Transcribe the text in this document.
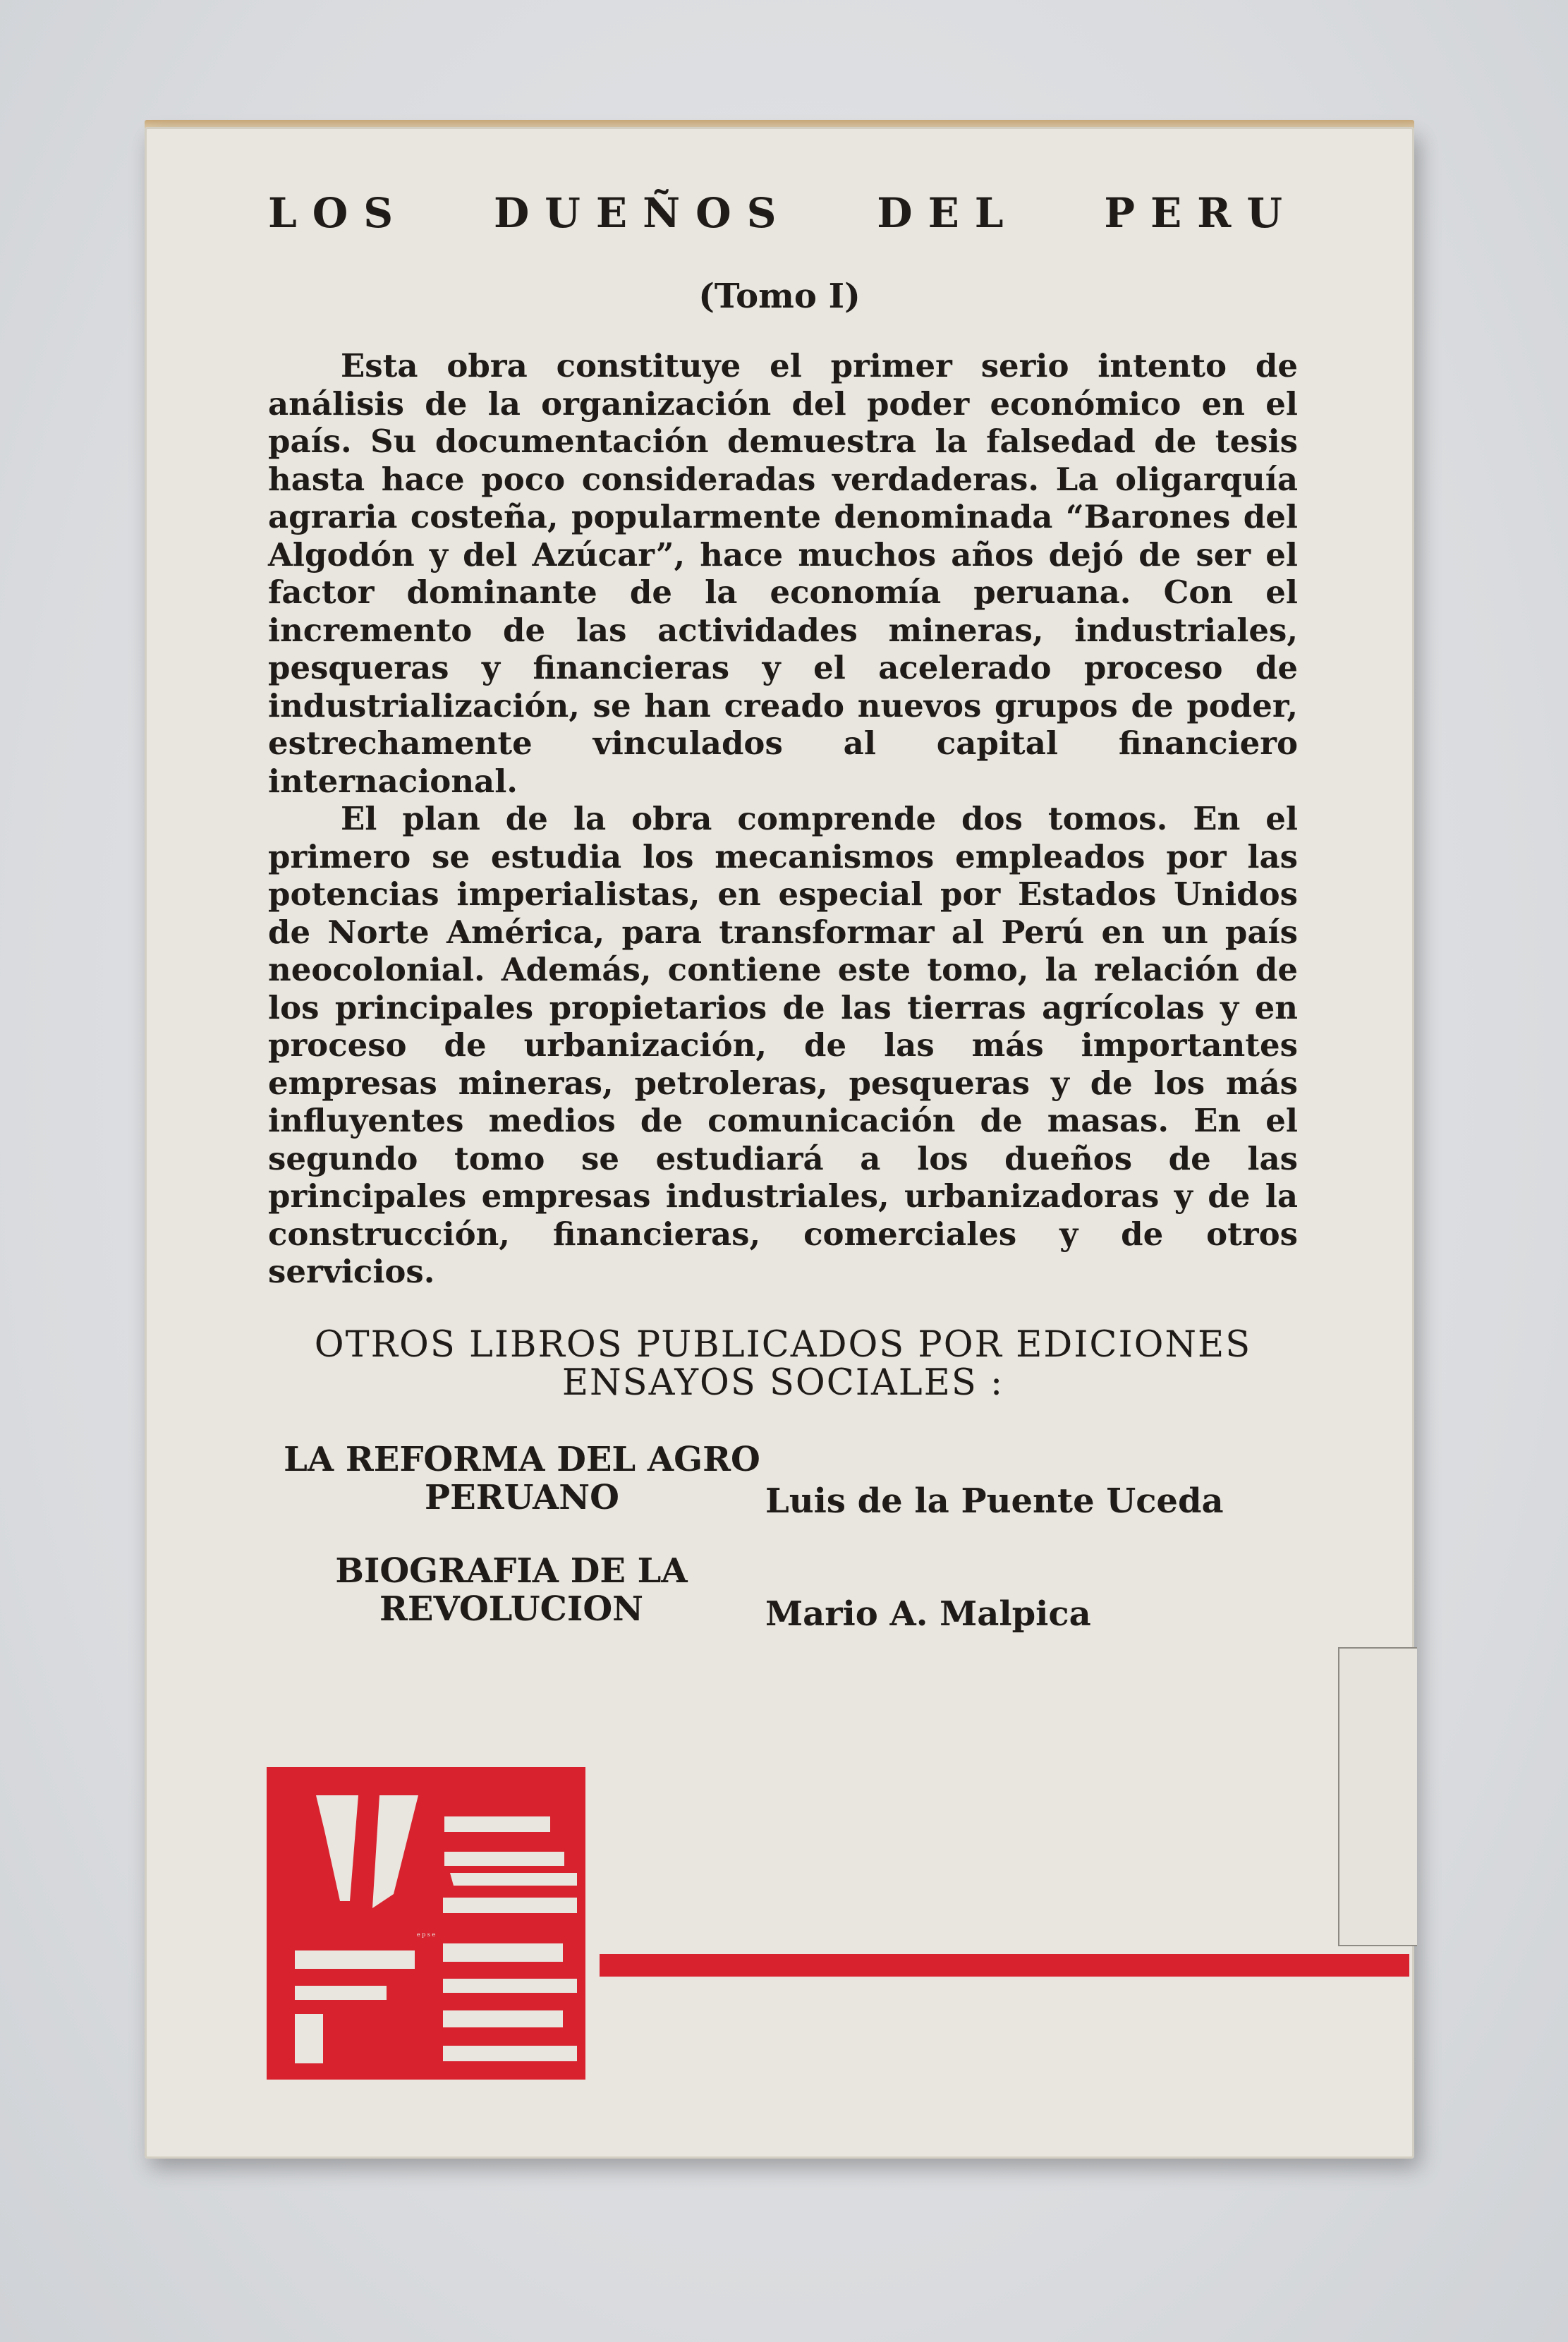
LOS DUEÑOS DEL PERU
(Tomo I)

Esta obra constituye el primer serio intento de análisis de la organización del poder económico en el país. Su documentación demuestra la falsedad de tesis hasta hace poco consideradas verdaderas. La oligarquía agraria costeña, popularmente denominada “Barones del Algodón y del Azúcar”, hace muchos años dejó de ser el factor dominante de la economía peruana. Con el incremento de las actividades mineras, industriales, pesqueras y financieras y el acelerado proceso de industrialización, se han creado nuevos grupos de poder, estrechamente vinculados al capital financiero internacional.

El plan de la obra comprende dos tomos. En el primero se estudia los mecanismos empleados por las potencias imperialistas, en especial por Estados Unidos de Norte América, para transformar al Perú en un país neocolonial. Además, contiene este tomo, la relación de los principales propietarios de las tierras agrícolas y en proceso de urbanización, de las más importantes empresas mineras, petroleras, pesqueras y de los más influyentes medios de comunicación de masas. En el segundo tomo se estudiará a los dueños de las principales empresas industriales, urbanizadoras y de la construcción, financieras, comerciales y de otros servicios.

OTROS LIBROS PUBLICADOS POR EDICIONES
ENSAYOS SOCIALES :
LA REFORMA DEL AGRO
PERUANO	Luis de la Puente Uceda
BIOGRAFIA DE LA
REVOLUCION	Mario A. Malpica
e p s e
